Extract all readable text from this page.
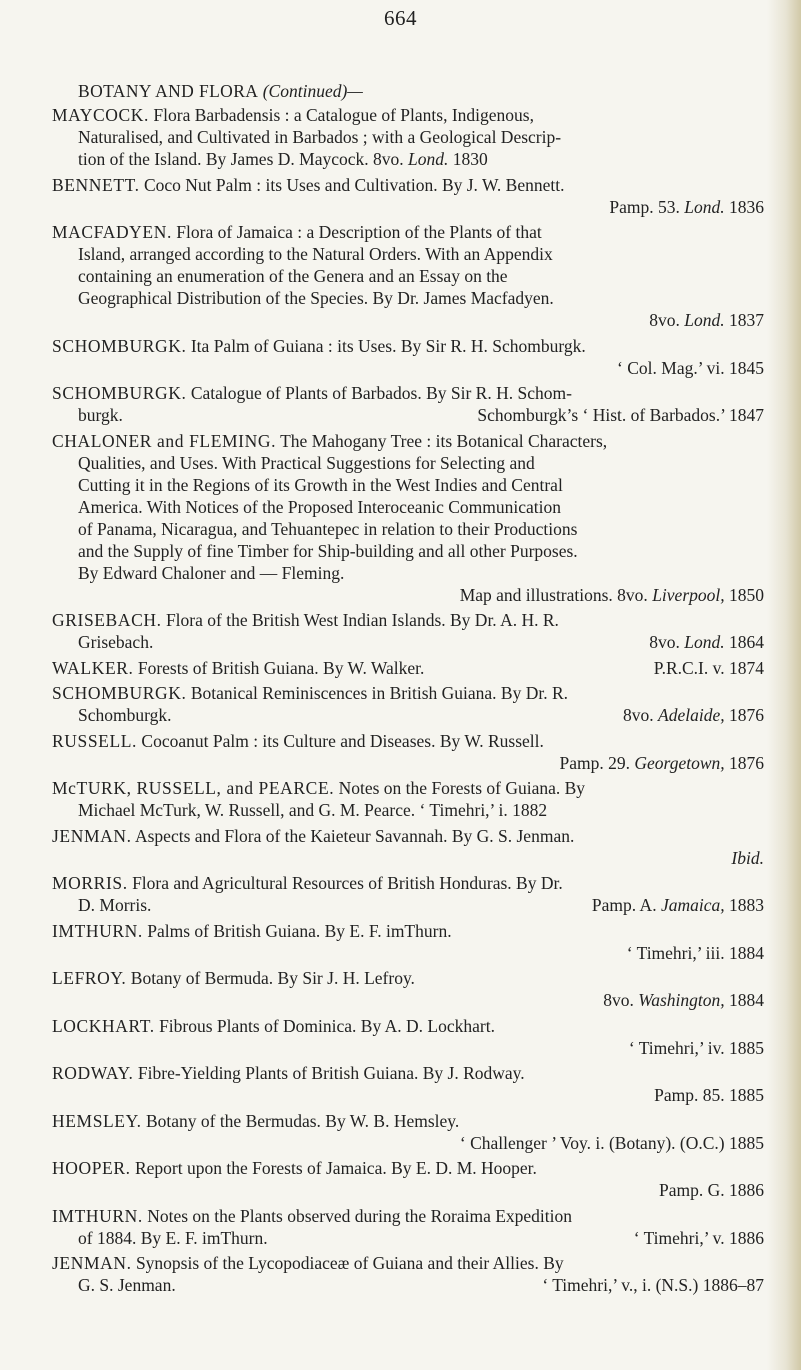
664
BOTANY AND FLORA (Continued)—
MAYCOCK. Flora Barbadensis : a Catalogue of Plants, Indigenous,
Naturalised, and Cultivated in Barbados ; with a Geological Descrip-
tion of the Island. By James D. Maycock. 8vo. Lond. 1830
BENNETT. Coco Nut Palm : its Uses and Cultivation. By J. W. Bennett.
Pamp. 53. Lond. 1836
MACFADYEN. Flora of Jamaica : a Description of the Plants of that
Island, arranged according to the Natural Orders. With an Appendix
containing an enumeration of the Genera and an Essay on the
Geographical Distribution of the Species. By Dr. James Macfadyen.
8vo. Lond. 1837
SCHOMBURGK. Ita Palm of Guiana : its Uses. By Sir R. H. Schomburgk.
‘ Col. Mag.’ vi. 1845
SCHOMBURGK. Catalogue of Plants of Barbados. By Sir R. H. Schom-
burgk.	Schomburgk’s ‘ Hist. of Barbados.’ 1847
CHALONER and FLEMING. The Mahogany Tree : its Botanical Characters,
Qualities, and Uses. With Practical Suggestions for Selecting and
Cutting it in the Regions of its Growth in the West Indies and Central
America. With Notices of the Proposed Interoceanic Communication
of Panama, Nicaragua, and Tehuantepec in relation to their Productions
and the Supply of fine Timber for Ship-building and all other Purposes.
By Edward Chaloner and — Fleming.
Map and illustrations. 8vo. Liverpool, 1850
GRISEBACH. Flora of the British West Indian Islands. By Dr. A. H. R.
Grisebach.	8vo. Lond. 1864
WALKER. Forests of British Guiana. By W. Walker.	P.R.C.I. v. 1874
SCHOMBURGK. Botanical Reminiscences in British Guiana. By Dr. R.
Schomburgk.	8vo. Adelaide, 1876
RUSSELL. Cocoanut Palm : its Culture and Diseases. By W. Russell.
Pamp. 29. Georgetown, 1876
McTURK, RUSSELL, and PEARCE. Notes on the Forests of Guiana. By
Michael McTurk, W. Russell, and G. M. Pearce. ‘ Timehri,’ i. 1882
JENMAN. Aspects and Flora of the Kaieteur Savannah. By G. S. Jenman.
Ibid.
MORRIS. Flora and Agricultural Resources of British Honduras. By Dr.
D. Morris.	Pamp. A. Jamaica, 1883
IMTHURN. Palms of British Guiana. By E. F. imThurn.
‘ Timehri,’ iii. 1884
LEFROY. Botany of Bermuda. By Sir J. H. Lefroy.
8vo. Washington, 1884
LOCKHART. Fibrous Plants of Dominica. By A. D. Lockhart.
‘ Timehri,’ iv. 1885
RODWAY. Fibre-Yielding Plants of British Guiana. By J. Rodway.
Pamp. 85. 1885
HEMSLEY. Botany of the Bermudas. By W. B. Hemsley.
‘ Challenger ’ Voy. i. (Botany). (O.C.) 1885
HOOPER. Report upon the Forests of Jamaica. By E. D. M. Hooper.
Pamp. G. 1886
IMTHURN. Notes on the Plants observed during the Roraima Expedition
of 1884. By E. F. imThurn.	‘ Timehri,’ v. 1886
JENMAN. Synopsis of the Lycopodiaceæ of Guiana and their Allies. By
G. S. Jenman.	‘ Timehri,’ v., i. (N.S.) 1886–87
